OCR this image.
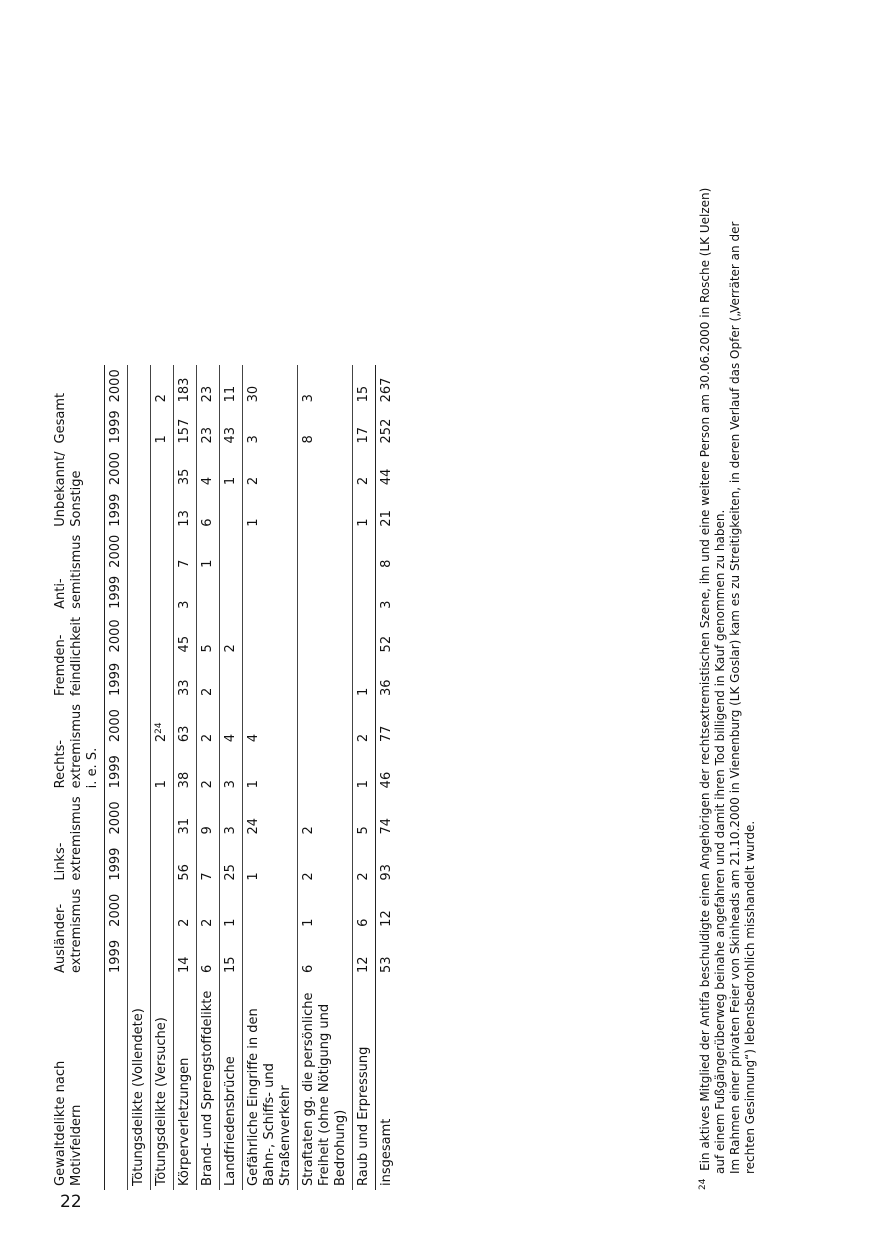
22
Gewaltdelikte nach Motivfeldern	Ausländer-extremismus		Links-extremismus		Rechts-extremismus i. e. S.		Fremden-feindlichkeit		Anti-semitismus		Unbekannt/ Sonstige		Gesamt	
	1999	2000	1999	2000	1999	2000	1999	2000	1999	2000	1999	2000	1999	2000
Tötungsdelikte (Vollendete)														
Tötungsdelikte (Versuche)					1	$2^{24}$							1	2
Körperverletzungen	14	2	56	31	38	63	33	45	3	7	13	35	157	183
Brand- und Sprengstoffdelikte	6	2	7	9	2	2	2	5		1	6	4	23	23
Landfriedensbrüche	15	1	25	3	3	4		2				1	43	11
Gefährliche Eingriffe in den Bahn-, Schiffs- und Straßenverkehr			1	24	1	4					1	2	3	30
Straftaten gg. die persönliche Freiheit (ohne Nötigung und Bedrohung)	6	1	2	2									8	3
Raub und Erpressung	12	6	2	5	1	2	1				1	2	17	15
insgesamt	53	12	93	74	46	77	36	52	3	8	21	44	252	267
$^{24}$  Ein aktives Mitglied der Antifa beschuldigte einen Angehörigen der rechtsextremistischen Szene, ihn und eine weitere Person am 30.06.2000 in Rosche (LK Uelzen) auf einem Fußgängerüberweg beinahe angefahren und damit ihren Tod billigend in Kauf genommen zu haben. Im Rahmen einer privaten Feier von Skinheads am 21.10.2000 in Vienenburg (LK Goslar) kam es zu Streitigkeiten, in deren Verlauf das Opfer („Verräter an der rechten Gesinnung“) lebensbedrohlich misshandelt wurde.
